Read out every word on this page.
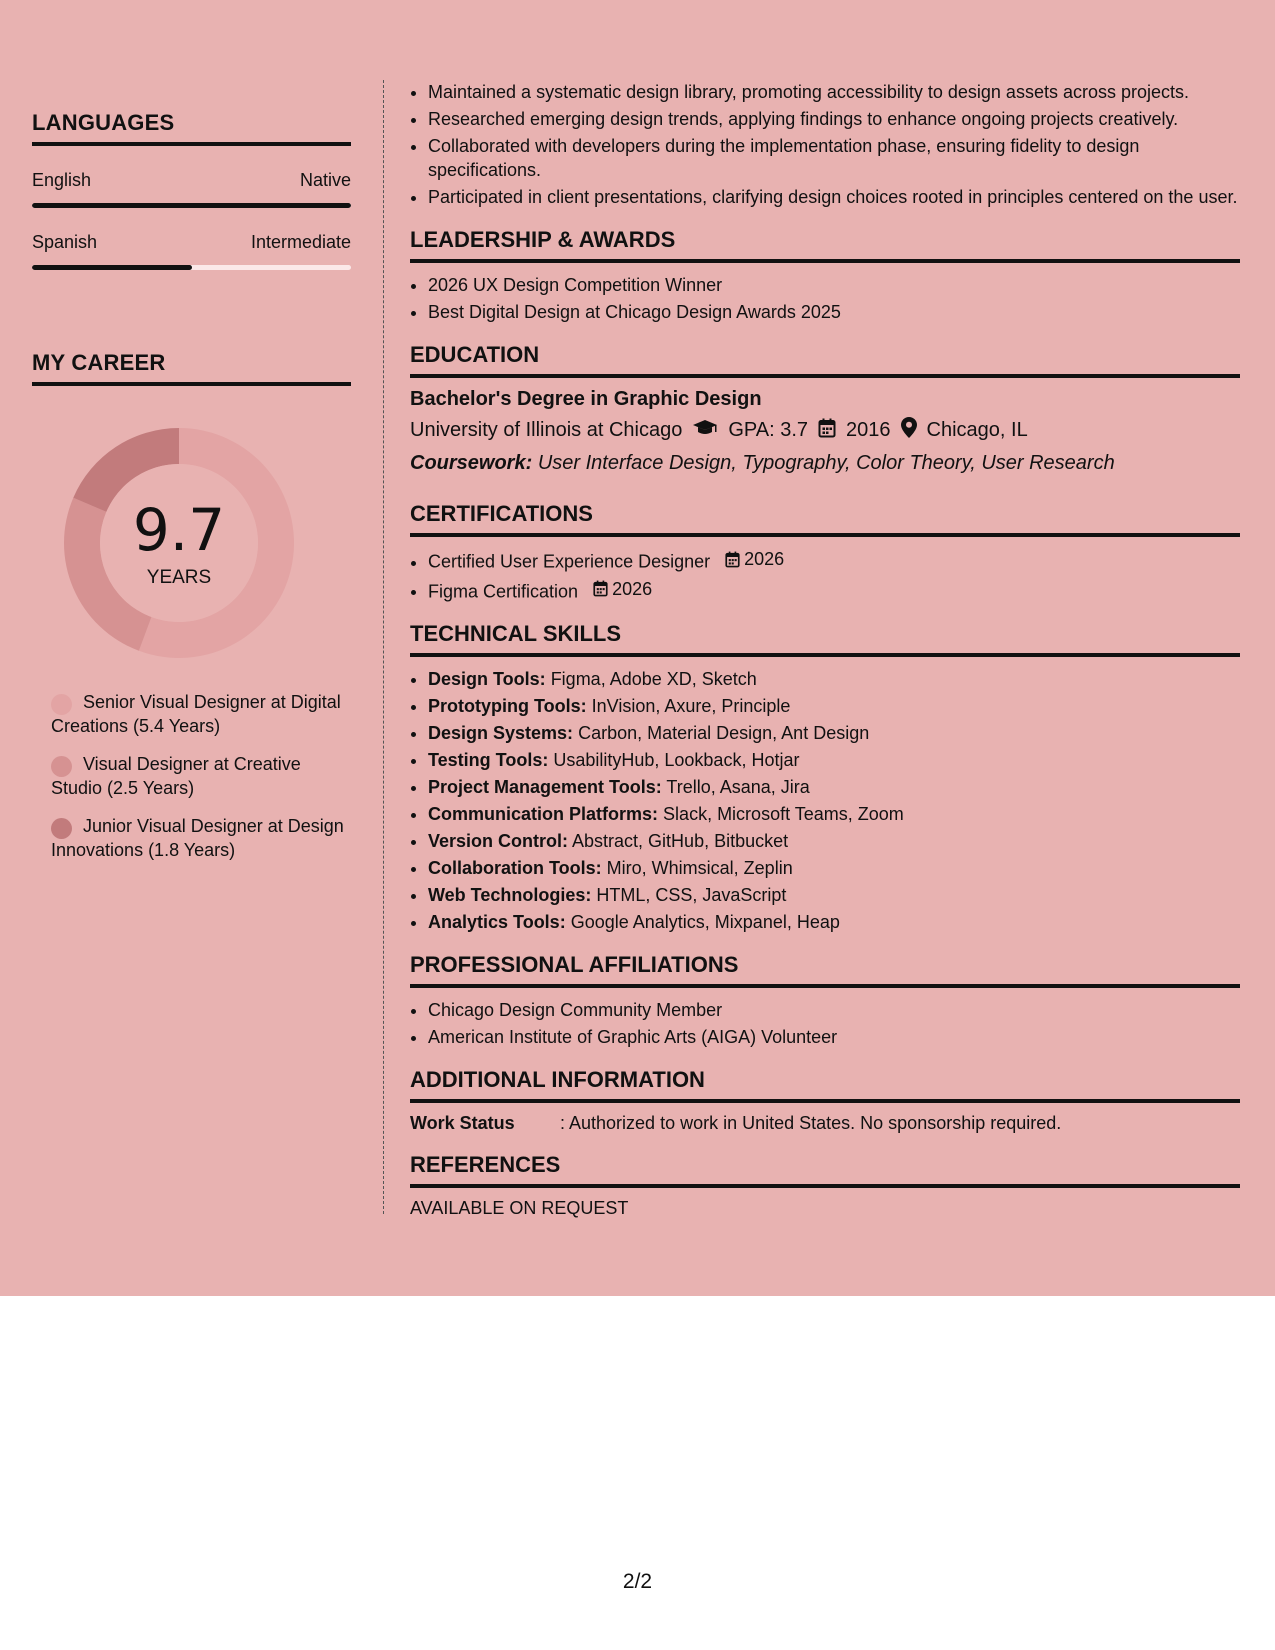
LANGUAGES
English	Native
Spanish	Intermediate
MY CAREER
9.7
YEARS
Senior Visual Designer at Digital Creations (5.4 Years)
Visual Designer at Creative Studio (2.5 Years)
Junior Visual Designer at Design Innovations (1.8 Years)
• Maintained a systematic design library, promoting accessibility to design assets across projects.
• Researched emerging design trends, applying findings to enhance ongoing projects creatively.
• Collaborated with developers during the implementation phase, ensuring fidelity to design specifications.
• Participated in client presentations, clarifying design choices rooted in principles centered on the user.
LEADERSHIP & AWARDS
• 2026 UX Design Competition Winner
• Best Digital Design at Chicago Design Awards 2025
EDUCATION
Bachelor's Degree in Graphic Design
University of Illinois at Chicago GPA: 3.7 2016 Chicago, IL
Coursework: User Interface Design, Typography, Color Theory, User Research
CERTIFICATIONS
• Certified User Experience Designer 2026
• Figma Certification 2026
TECHNICAL SKILLS
• Design Tools: Figma, Adobe XD, Sketch
• Prototyping Tools: InVision, Axure, Principle
• Design Systems: Carbon, Material Design, Ant Design
• Testing Tools: UsabilityHub, Lookback, Hotjar
• Project Management Tools: Trello, Asana, Jira
• Communication Platforms: Slack, Microsoft Teams, Zoom
• Version Control: Abstract, GitHub, Bitbucket
• Collaboration Tools: Miro, Whimsical, Zeplin
• Web Technologies: HTML, CSS, JavaScript
• Analytics Tools: Google Analytics, Mixpanel, Heap
PROFESSIONAL AFFILIATIONS
• Chicago Design Community Member
• American Institute of Graphic Arts (AIGA) Volunteer
ADDITIONAL INFORMATION
Work Status	: Authorized to work in United States. No sponsorship required.
REFERENCES
AVAILABLE ON REQUEST
2/2
